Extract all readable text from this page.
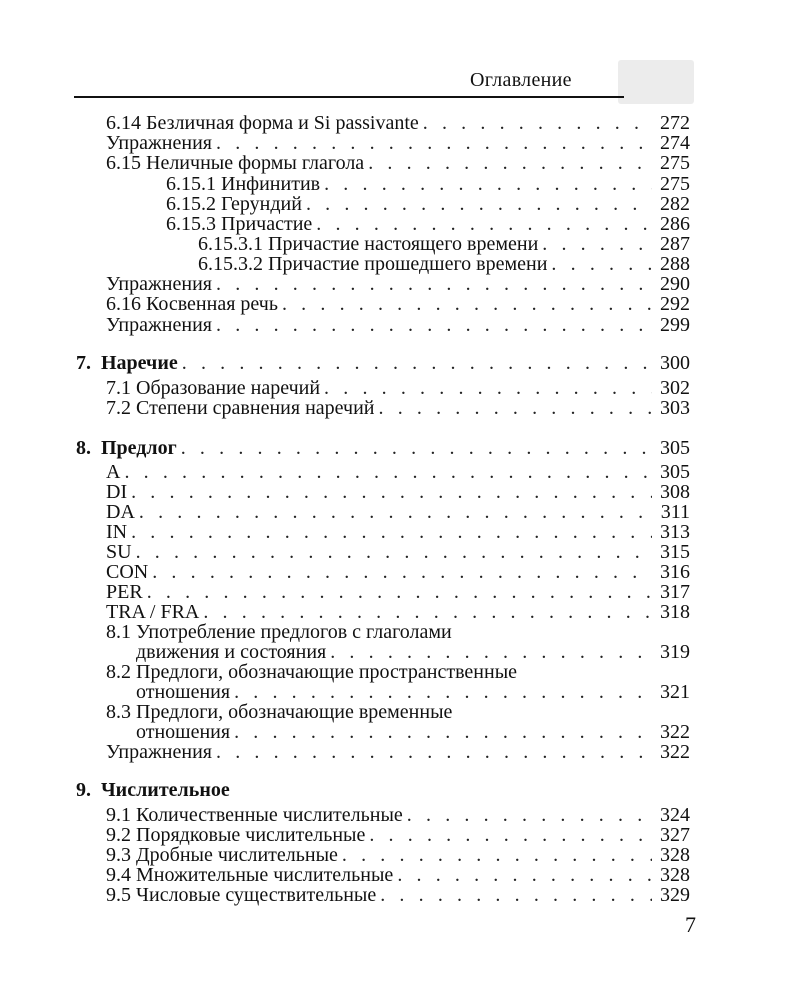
Оглавление
6.14 Безличная форма и Si passivante . . .	272
Упражнения . . .	274
6.15 Неличные формы глагола . . .	275
6.15.1 Инфинитив . . .	275
6.15.2 Герундий . . .	282
6.15.3 Причастие . . .	286
6.15.3.1 Причастие настоящего времени . . .	287
6.15.3.2 Причастие прошедшего времени . . .	288
Упражнения . . .	290
6.16 Косвенная речь . . .	292
Упражнения . . .	299
7.  Наречие . . .	300
7.1 Образование наречий . . .	302
7.2 Степени сравнения наречий . . .	303
8.  Предлог . . .	305
A . . .	305
DI . . .	308
DA . . .	311
IN . . .	313
SU . . .	315
CON . . .	316
PER . . .	317
TRA / FRA . . .	318
8.1 Употребление предлогов с глаголами
движения и состояния . . .	319
8.2 Предлоги, обозначающие пространственные
отношения . . .	321
8.3 Предлоги, обозначающие временные
отношения . . .	322
Упражнения . . .	322
9.  Числительное
9.1 Количественные числительные . . .	324
9.2 Порядковые числительные . . .	327
9.3 Дробные числительные . . .	328
9.4 Множительные числительные . . .	328
9.5 Числовые существительные . . .	329
7
